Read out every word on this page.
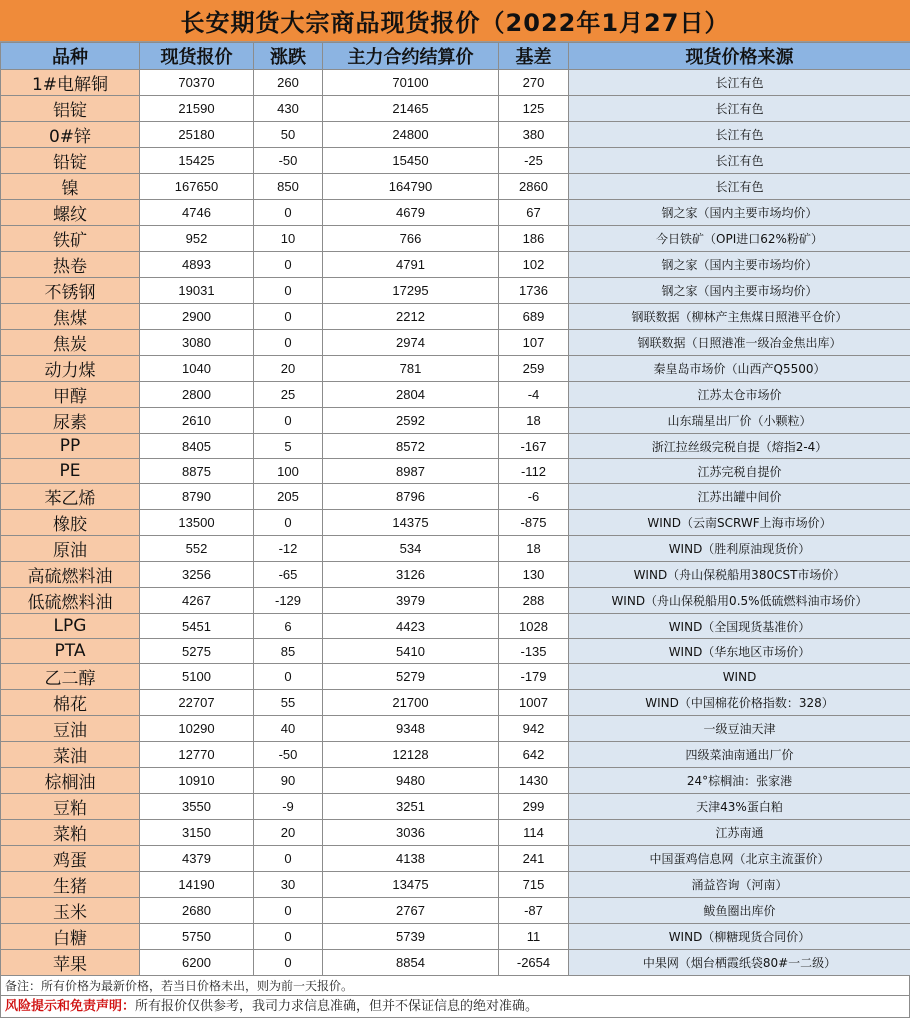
长安期货大宗商品现货报价（2022年1月27日）
品种	现货报价	涨跌	主力合约结算价	基差	现货价格来源
1#电解铜	70370	260	70100	270	长江有色
铝锭	21590	430	21465	125	长江有色
0#锌	25180	50	24800	380	长江有色
铅锭	15425	-50	15450	-25	长江有色
镍	167650	850	164790	2860	长江有色
螺纹	4746	0	4679	67	钢之家（国内主要市场均价）
铁矿	952	10	766	186	今日铁矿（OPI进口62%粉矿）
热卷	4893	0	4791	102	钢之家（国内主要市场均价）
不锈钢	19031	0	17295	1736	钢之家（国内主要市场均价）
焦煤	2900	0	2212	689	钢联数据（柳林产主焦煤日照港平仓价）
焦炭	3080	0	2974	107	钢联数据（日照港准一级冶金焦出库）
动力煤	1040	20	781	259	秦皇岛市场价（山西产Q5500）
甲醇	2800	25	2804	-4	江苏太仓市场价
尿素	2610	0	2592	18	山东瑞星出厂价（小颗粒）
PP	8405	5	8572	-167	浙江拉丝级完税自提（熔指2-4）
PE	8875	100	8987	-112	江苏完税自提价
苯乙烯	8790	205	8796	-6	江苏出罐中间价
橡胶	13500	0	14375	-875	WIND（云南SCRWF上海市场价）
原油	552	-12	534	18	WIND（胜利原油现货价）
高硫燃料油	3256	-65	3126	130	WIND（舟山保税船用380CST市场价）
低硫燃料油	4267	-129	3979	288	WIND（舟山保税船用0.5%低硫燃料油市场价）
LPG	5451	6	4423	1028	WIND（全国现货基准价）
PTA	5275	85	5410	-135	WIND（华东地区市场价）
乙二醇	5100	0	5279	-179	WIND
棉花	22707	55	21700	1007	WIND（中国棉花价格指数：328）
豆油	10290	40	9348	942	一级豆油天津
菜油	12770	-50	12128	642	四级菜油南通出厂价
棕榈油	10910	90	9480	1430	24°棕榈油：张家港
豆粕	3550	-9	3251	299	天津43%蛋白粕
菜粕	3150	20	3036	114	江苏南通
鸡蛋	4379	0	4138	241	中国蛋鸡信息网（北京主流蛋价）
生猪	14190	30	13475	715	涌益咨询（河南）
玉米	2680	0	2767	-87	鲅鱼圈出库价
白糖	5750	0	5739	11	WIND（柳糖现货合同价）
苹果	6200	0	8854	-2654	中果网（烟台栖霞纸袋80#一二级）
备注：所有价格为最新价格，若当日价格未出，则为前一天报价。
风险提示和免责声明：所有报价仅供参考，我司力求信息准确，但并不保证信息的绝对准确。
